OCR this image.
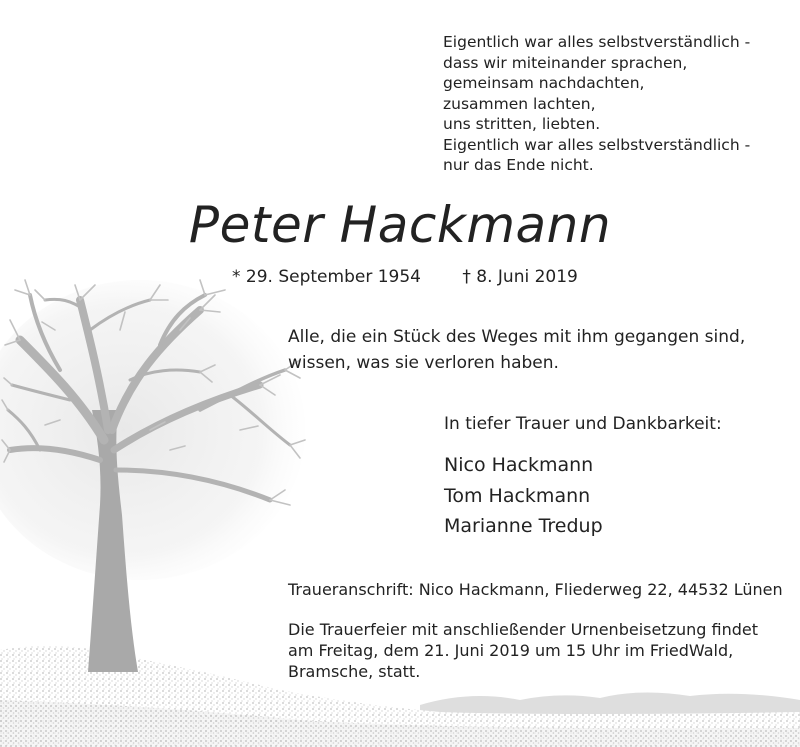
Eigentlich war alles selbstverständlich -
dass wir miteinander sprachen,
gemeinsam nachdachten,
zusammen lachten,
uns stritten, liebten.
Eigentlich war alles selbstverständlich -
nur das Ende nicht.
Peter Hackmann
* 29. September 1954 † 8. Juni 2019
Alle, die ein Stück des Weges mit ihm gegangen sind,
wissen, was sie verloren haben.
In tiefer Trauer und Dankbarkeit:
Nico Hackmann
Tom Hackmann
Marianne Tredup
Traueranschrift: Nico Hackmann, Fliederweg 22, 44532 Lünen
Die Trauerfeier mit anschließender Urnenbeisetzung findet
am Freitag, dem 21. Juni 2019 um 15 Uhr im FriedWald,
Bramsche, statt.
